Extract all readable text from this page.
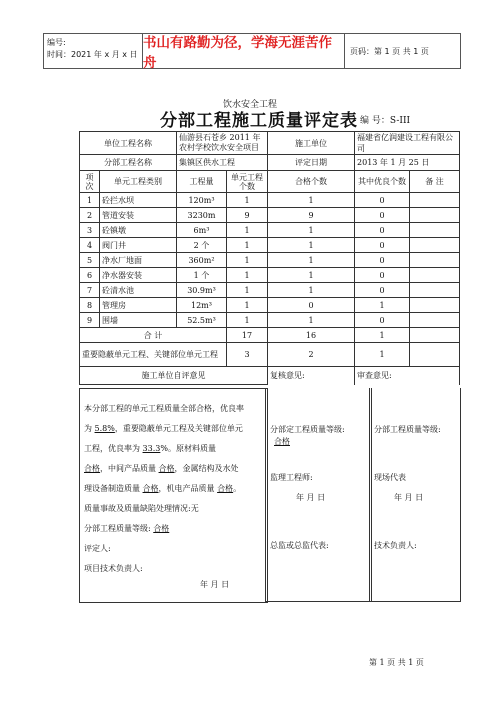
编号:
时间：2021 年 x 月 x 日
书山有路勤为径，学海无涯苦作舟
页码：第 1 页 共 1 页
饮水安全工程
分部工程施工质量评定表 编 号：S-III
单位工程名称		仙游县石苍乡 2011 年农村学校饮水安全项目		施工单位	福建省亿润建设工程有限公司	
分部工程名称		集镇区供水工程		评定日期	2013 年 1 月 25 日	
项 次	单元工程类别	工程量	单元工程个数	合格个数	其中优良个数	备 注
1	砼拦水坝	120m³	1	1	0	
2	管道安装	3230m	9	9	0	
3	砼镇墩	6m³	1	1	0	
4	阀门井	2 个	1	1	0	
5	净水厂地面	360m²	1	1	0	
6	净水器安装	1 个	1	1	0	
7	砼清水池	30.9m³	1	1	0	
8	管理房	12m³	1	0	1	
9	围墙	52.5m³	1	1	0	
合 计			17	16	1	
重要隐蔽单元工程、关键部位单元工程			3	2	1	
施工单位自评意见				复核意见:	审查意见:	
本分部工程的单元工程质量全部合格，优良率
为 5.8%，重要隐蔽单元工程及关键部位单元
工程，优良率为 33.3%。原材料质量
合格，中间产品质量 合格，金属结构及水处
理设备制造质量 合格，机电产品质量 合格。
质量事故及质量缺陷处理情况:无
分部工程质量等级: 合格
评定人:
项目技术负责人:
年 月 日
分部定工程质量等级:
合格
监理工程师:
年 月 日
总监或总监代表:
分部工程质量等级:
现场代表
年 月 日
技术负责人:
第 1 页 共 1 页
